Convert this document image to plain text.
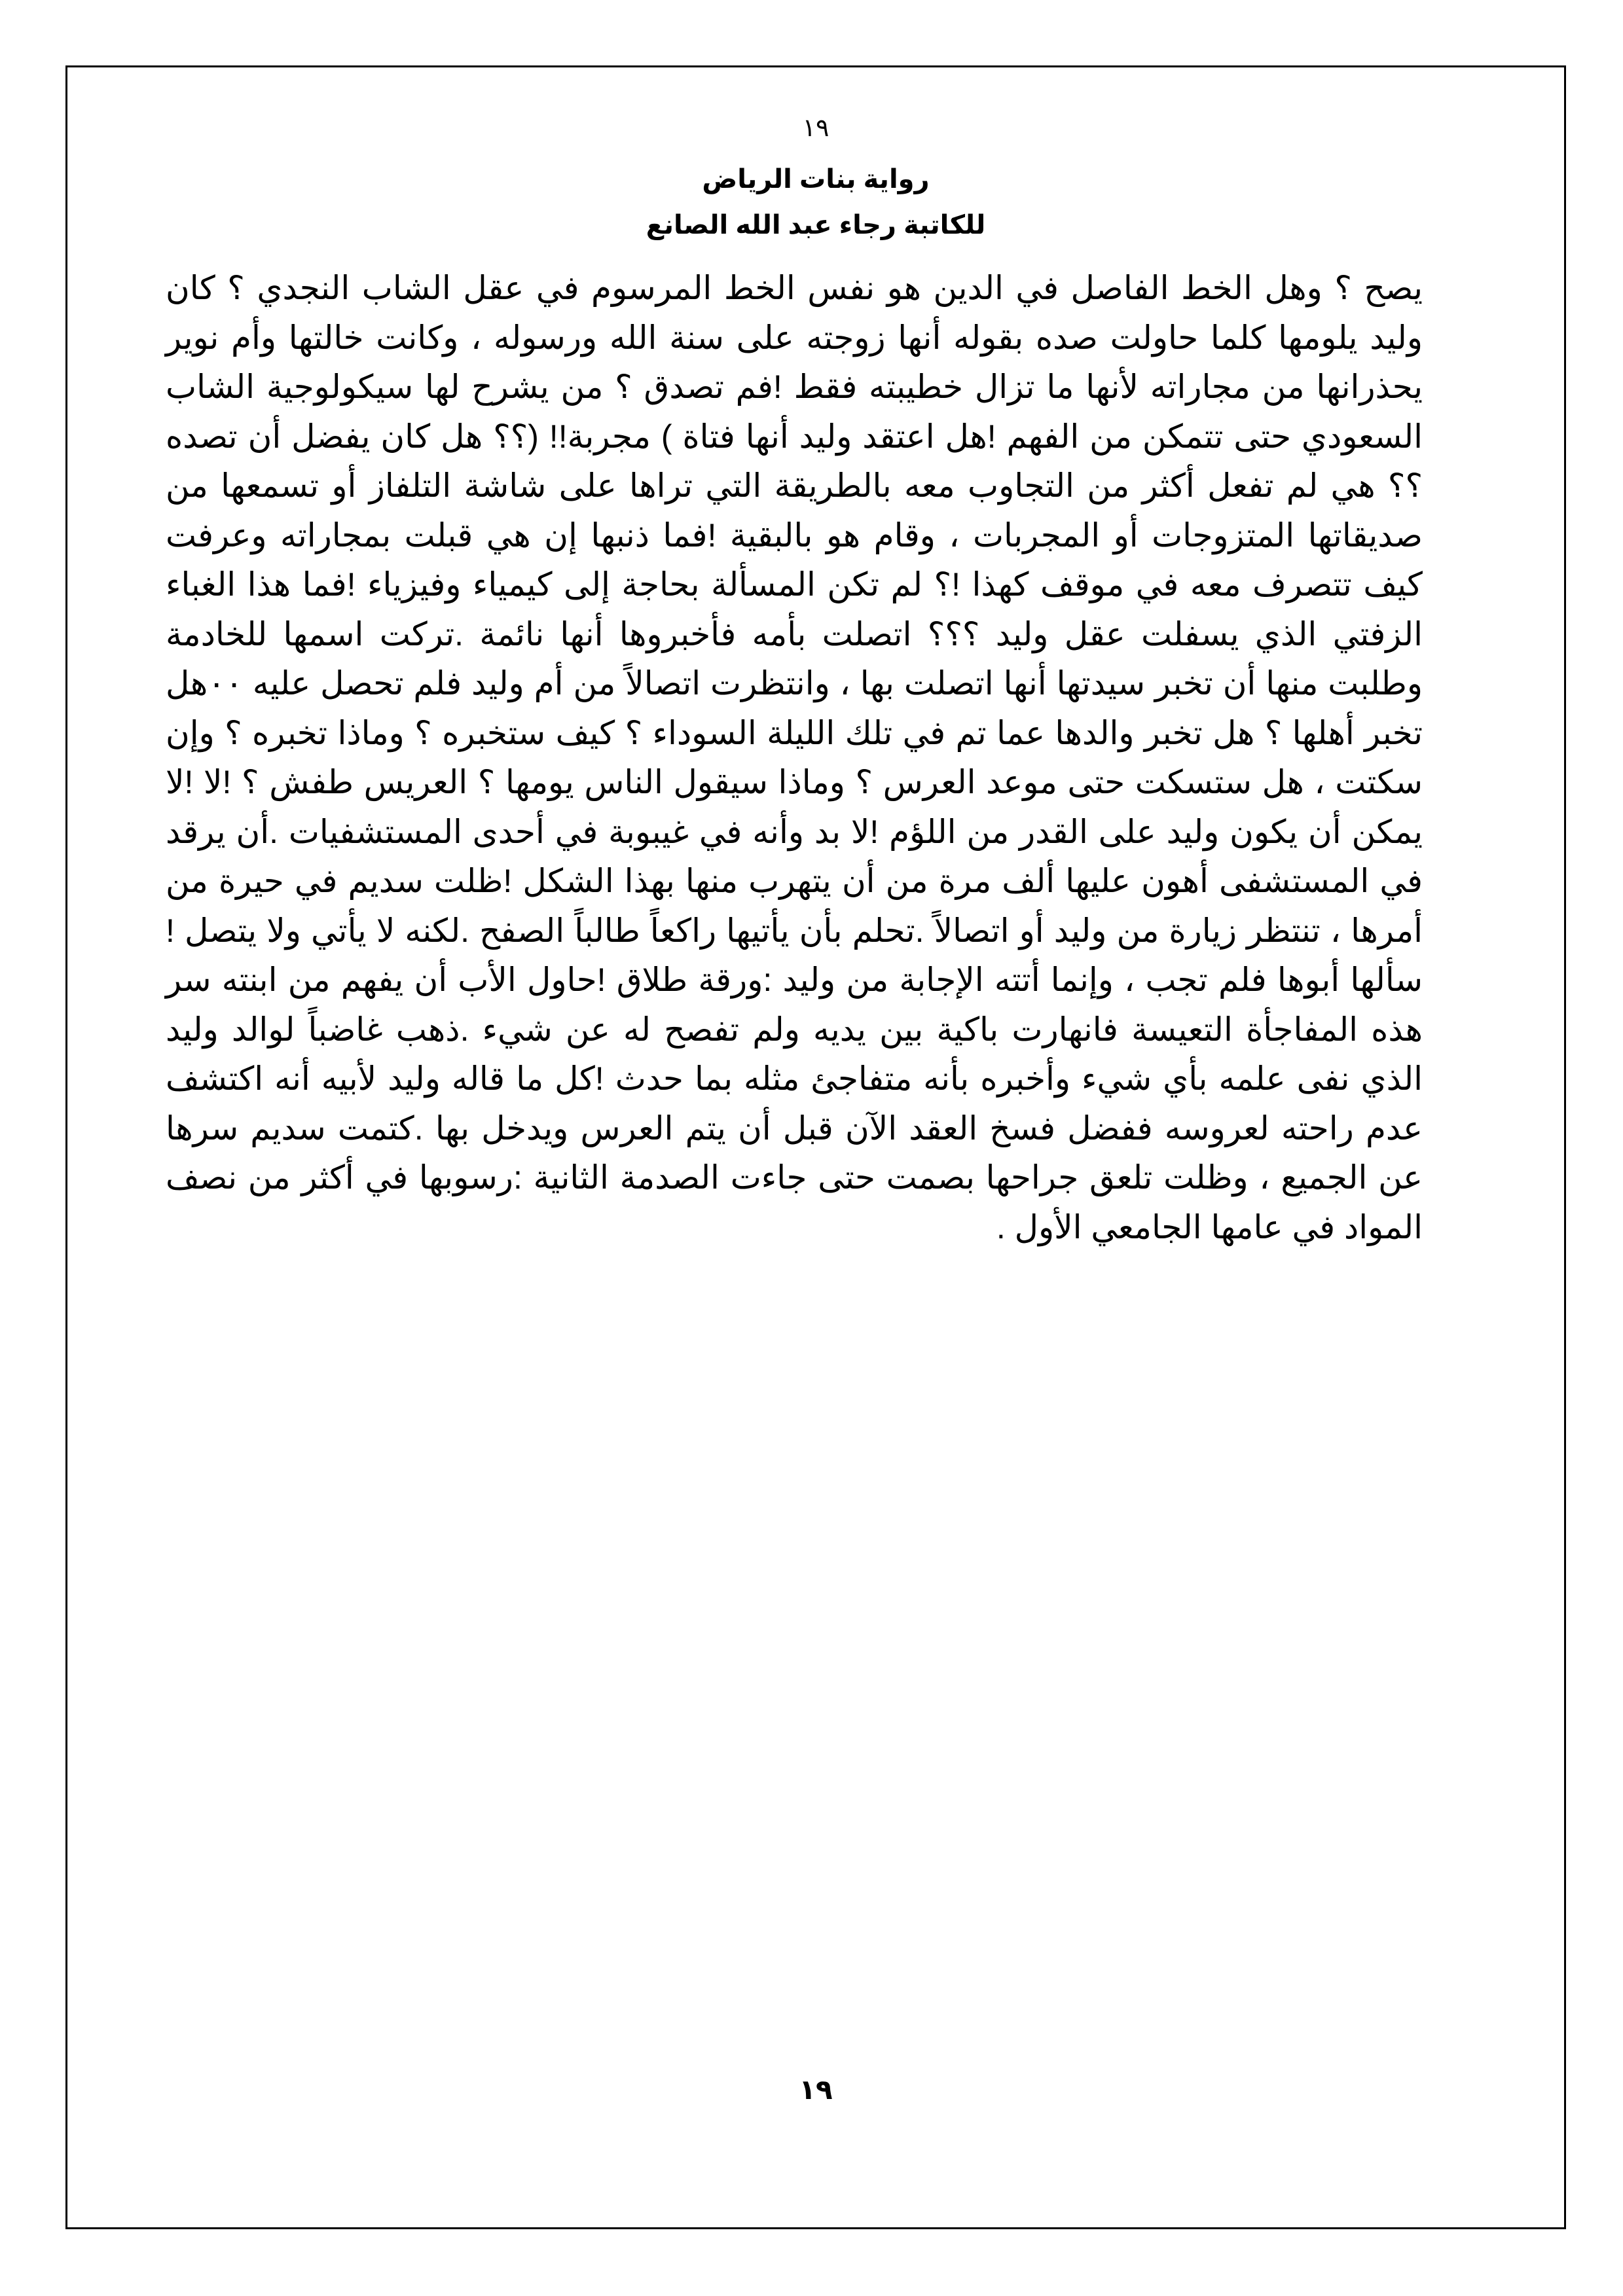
١٩
رواية بنات الرياض
للكاتبة رجاء عبد الله الصانع

يصح ؟ وهل الخط الفاصل في الدين هو نفس الخط المرسوم في عقل الشاب النجدي ؟ كان وليد يلومها كلما حاولت صده بقوله أنها زوجته على سنة الله ورسوله ، وكانت خالتها وأم نوير يحذرانها من مجاراته لأنها ما تزال خطيبته فقط !فم تصدق ؟ من يشرح لها سيكولوجية الشاب السعودي حتى تتمكن من الفهم !هل اعتقد وليد أنها فتاة ) مجربة!! (؟؟ هل كان يفضل أن تصده ؟؟ هي لم تفعل أكثر من التجاوب معه بالطريقة التي تراها على شاشة التلفاز أو تسمعها من صديقاتها المتزوجات أو المجربات ، وقام هو بالبقية !فما ذنبها إن هي قبلت بمجاراته وعرفت كيف تتصرف معه في موقف كهذا !؟ لم تكن المسألة بحاجة إلى كيمياء وفيزياء !فما هذا الغباء الزفتي الذي يسفلت عقل وليد ؟؟؟ اتصلت بأمه فأخبروها أنها نائمة .تركت اسمها للخادمة وطلبت منها أن تخبر سيدتها أنها اتصلت بها ، وانتظرت اتصالاً من أم وليد فلم تحصل عليه ٠٠هل تخبر أهلها ؟ هل تخبر والدها عما تم في تلك الليلة السوداء ؟ كيف ستخبره ؟ وماذا تخبره ؟ وإن سكتت ، هل ستسكت حتى موعد العرس ؟ وماذا سيقول الناس يومها ؟ العريس طفش ؟ !لا !لا يمكن أن يكون وليد على القدر من اللؤم !لا بد وأنه في غيبوبة في أحدى المستشفيات .أن يرقد في المستشفى أهون عليها ألف مرة من أن يتهرب منها بهذا الشكل !ظلت سديم في حيرة من أمرها ، تنتظر زيارة من وليد أو اتصالاً .تحلم بأن يأتيها راكعاً طالباً الصفح .لكنه لا يأتي ولا يتصل !سألها أبوها فلم تجب ، وإنما أتته الإجابة من وليد :ورقة طلاق !حاول الأب أن يفهم من ابنته سر هذه المفاجأة التعيسة فانهارت باكية بين يديه ولم تفصح له عن شيء .ذهب غاضباً لوالد وليد الذي نفى علمه بأي شيء وأخبره بأنه متفاجئ مثله بما حدث !كل ما قاله وليد لأبيه أنه اكتشف عدم راحته لعروسه ففضل فسخ العقد الآن قبل أن يتم العرس ويدخل بها .كتمت سديم سرها عن الجميع ، وظلت تلعق جراحها بصمت حتى جاءت الصدمة الثانية :رسوبها في أكثر من نصف المواد في عامها الجامعي الأول .

١٩
